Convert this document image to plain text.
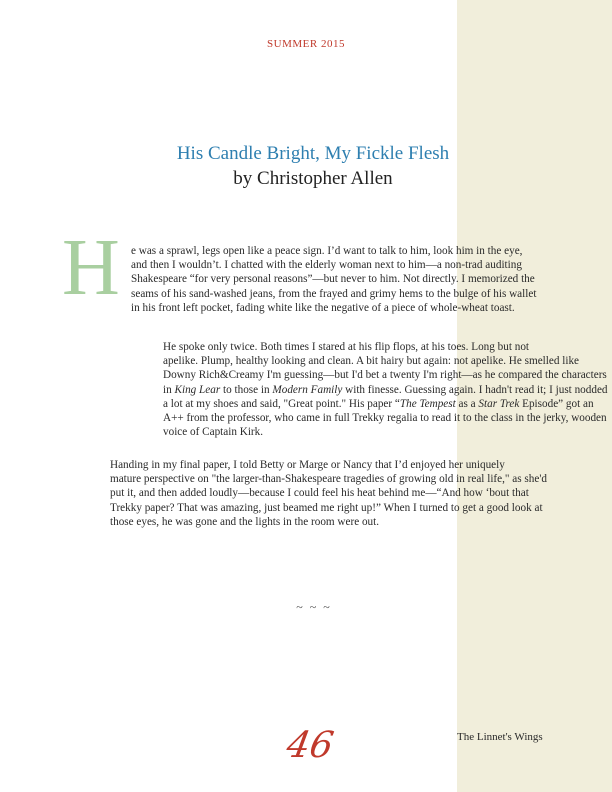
SUMMER 2015
His Candle Bright, My Fickle Flesh
by Christopher Allen
H e was a sprawl, legs open like a peace sign. I’d want to talk to him, look him in the eye,
and then I wouldn’t. I chatted with the elderly woman next to him—a non-trad auditing
Shakespeare “for very personal reasons”—but never to him. Not directly. I memorized the
seams of his sand-washed jeans, from the frayed and grimy hems to the bulge of his wallet
in his front left pocket, fading white like the negative of a piece of whole-wheat toast.
He spoke only twice. Both times I stared at his flip flops, at his toes. Long but not
apelike. Plump, healthy looking and clean. A bit hairy but again: not apelike. He smelled like
Downy Rich&Creamy I'm guessing—but I'd bet a twenty I'm right—as he compared the characters
in King Lear to those in Modern Family with finesse. Guessing again. I hadn't read it; I just nodded
a lot at my shoes and said, "Great point." His paper “The Tempest as a Star Trek Episode” got an
A++ from the professor, who came in full Trekky regalia to read it to the class in the jerky, wooden
voice of Captain Kirk.
Handing in my final paper, I told Betty or Marge or Nancy that I’d enjoyed her uniquely
mature perspective on "the larger-than-Shakespeare tragedies of growing old in real life," as she'd
put it, and then added loudly—because I could feel his heat behind me—“And how ‘bout that
Trekky paper? That was amazing, just beamed me right up!” When I turned to get a good look at
those eyes, he was gone and the lights in the room were out.
~ ~ ~
46	The Linnet's Wings
